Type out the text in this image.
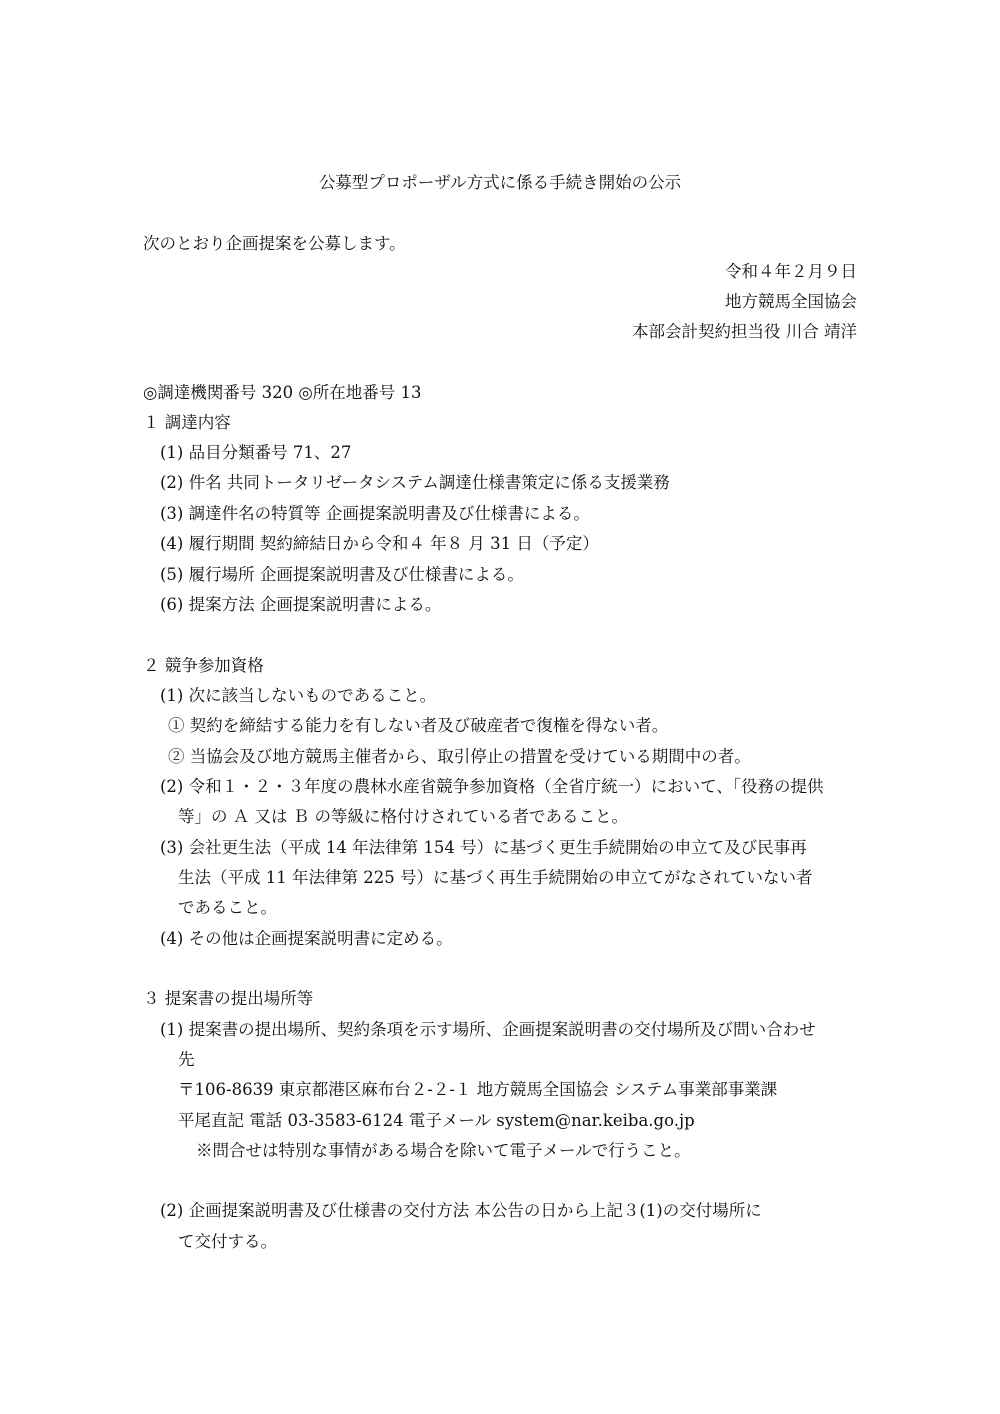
公募型プロポーザル方式に係る手続き開始の公示
次のとおり企画提案を公募します。
令和４年２月９日
地方競馬全国協会
本部会計契約担当役 川合 靖洋
◎調達機関番号 320 ◎所在地番号 13
１ 調達内容
(1) 品目分類番号 71、27
(2) 件名 共同トータリゼータシステム調達仕様書策定に係る支援業務
(3) 調達件名の特質等 企画提案説明書及び仕様書による。
(4) 履行期間 契約締結日から令和４ 年８ 月 31 日（予定）
(5) 履行場所 企画提案説明書及び仕様書による。
(6) 提案方法 企画提案説明書による。
２ 競争参加資格
(1) 次に該当しないものであること。
① 契約を締結する能力を有しない者及び破産者で復権を得ない者。
② 当協会及び地方競馬主催者から、取引停止の措置を受けている期間中の者。
(2) 令和１・２・３年度の農林水産省競争参加資格（全省庁統一）において、「役務の提供
等」の Ａ 又は Ｂ の等級に格付けされている者であること。
(3) 会社更生法（平成 14 年法律第 154 号）に基づく更生手続開始の申立て及び民事再
生法（平成 11 年法律第 225 号）に基づく再生手続開始の申立てがなされていない者
であること。
(4) その他は企画提案説明書に定める。
３ 提案書の提出場所等
(1) 提案書の提出場所、契約条項を示す場所、企画提案説明書の交付場所及び問い合わせ
先
〒106-8639 東京都港区麻布台２‐２‐１ 地方競馬全国協会 システム事業部事業課
平尾直記 電話 03‐3583‐6124 電子メール system@nar.keiba.go.jp
※問合せは特別な事情がある場合を除いて電子メールで行うこと。
(2) 企画提案説明書及び仕様書の交付方法 本公告の日から上記３(1)の交付場所に
て交付する。
